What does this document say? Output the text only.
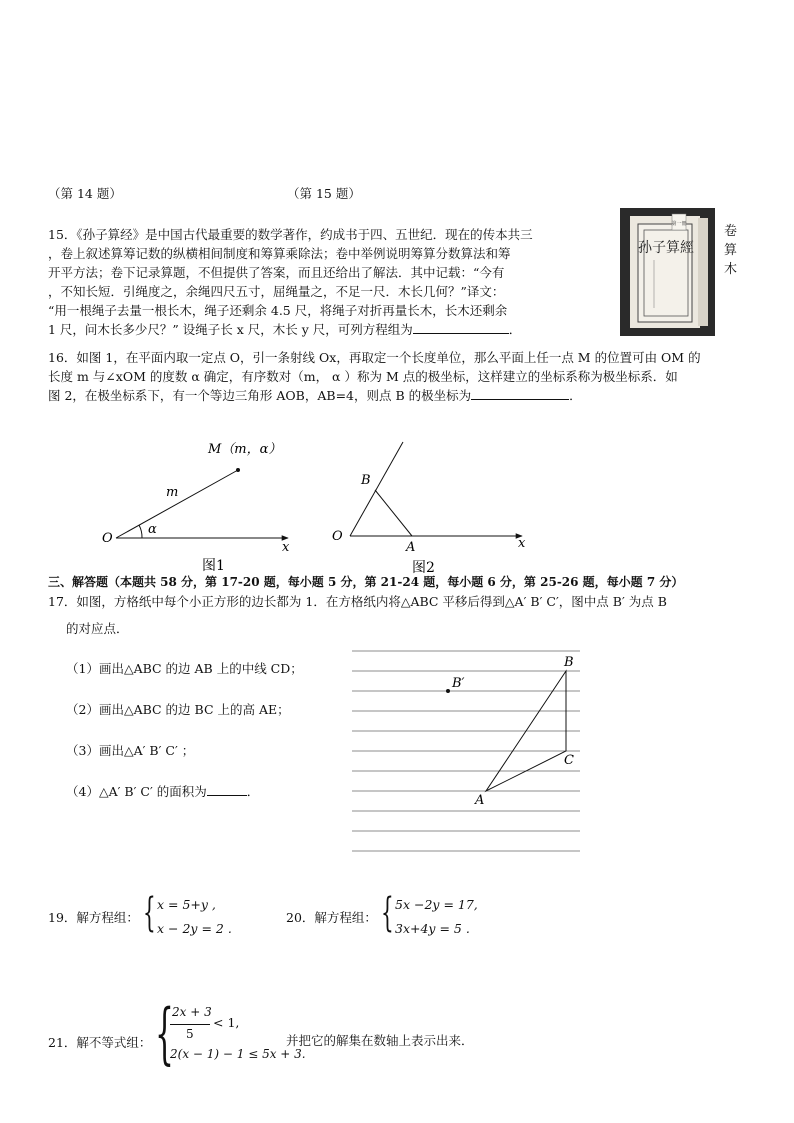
（第 14 题）	（第 15 题）
15．《孙子算经》是中国古代最重要的数学著作，约成书于四、五世纪．现在的传本共三
，卷上叙述算筹记数的纵横相间制度和筹算乘除法；卷中举例说明筹算分数算法和筹
开平方法；卷下记录算题，不但提供了答案，而且还给出了解法．其中记载：“今有
，不知长短．引绳度之，余绳四尺五寸，屈绳量之，不足一尺．木长几何？”译文：
“用一根绳子去量一根长木，绳子还剩余 4.5 尺，将绳子对折再量长木，长木还剩余
1 尺，问木长多少尺？” 设绳子长 x 尺，木长 y 尺，可列方程组为	．
第一冊
孙子算經
卷
算
木
16．如图 1，在平面内取一定点 O，引一条射线 Ox，再取定一个长度单位，那么平面上任一点 M 的位置可由 OM 的
长度 m 与∠xOM 的度数 α 确定，有序数对（m， α ）称为 M 点的极坐标，这样建立的坐标系称为极坐标系．如
图 2，在极坐标系下，有一个等边三角形 AOB，AB=4，则点 B 的极坐标为	．
M（m，α）
m
O
α
x
图1
B
O
A	x
图2
三、解答题（本题共 58 分，第 17-20 题，每小题 5 分，第 21-24 题，每小题 6 分，第 25-26 题，每小题 7 分）
17．如图，方格纸中每个小正方形的边长都为 1．在方格纸内将△ABC 平移后得到△A′ B′ C′，图中点 B′ 为点 B
的对应点．
（1）画出△ABC 的边 AB 上的中线 CD；
（2）画出△ABC 的边 BC 上的高 AE；
（3）画出△A′ B′ C′ ；
（4）△A′ B′ C′ 的面积为	．
B
B′
C
A
19．解方程组： { x = 5+y ,
x − 2y = 2 .
20．解方程组： { 5x −2y = 17,
3x+4y = 5 .
21．解不等式组： {
2x + 3
5
< 1,
2(x − 1) − 1 ≤ 5x + 3.
并把它的解集在数轴上表示出来．
